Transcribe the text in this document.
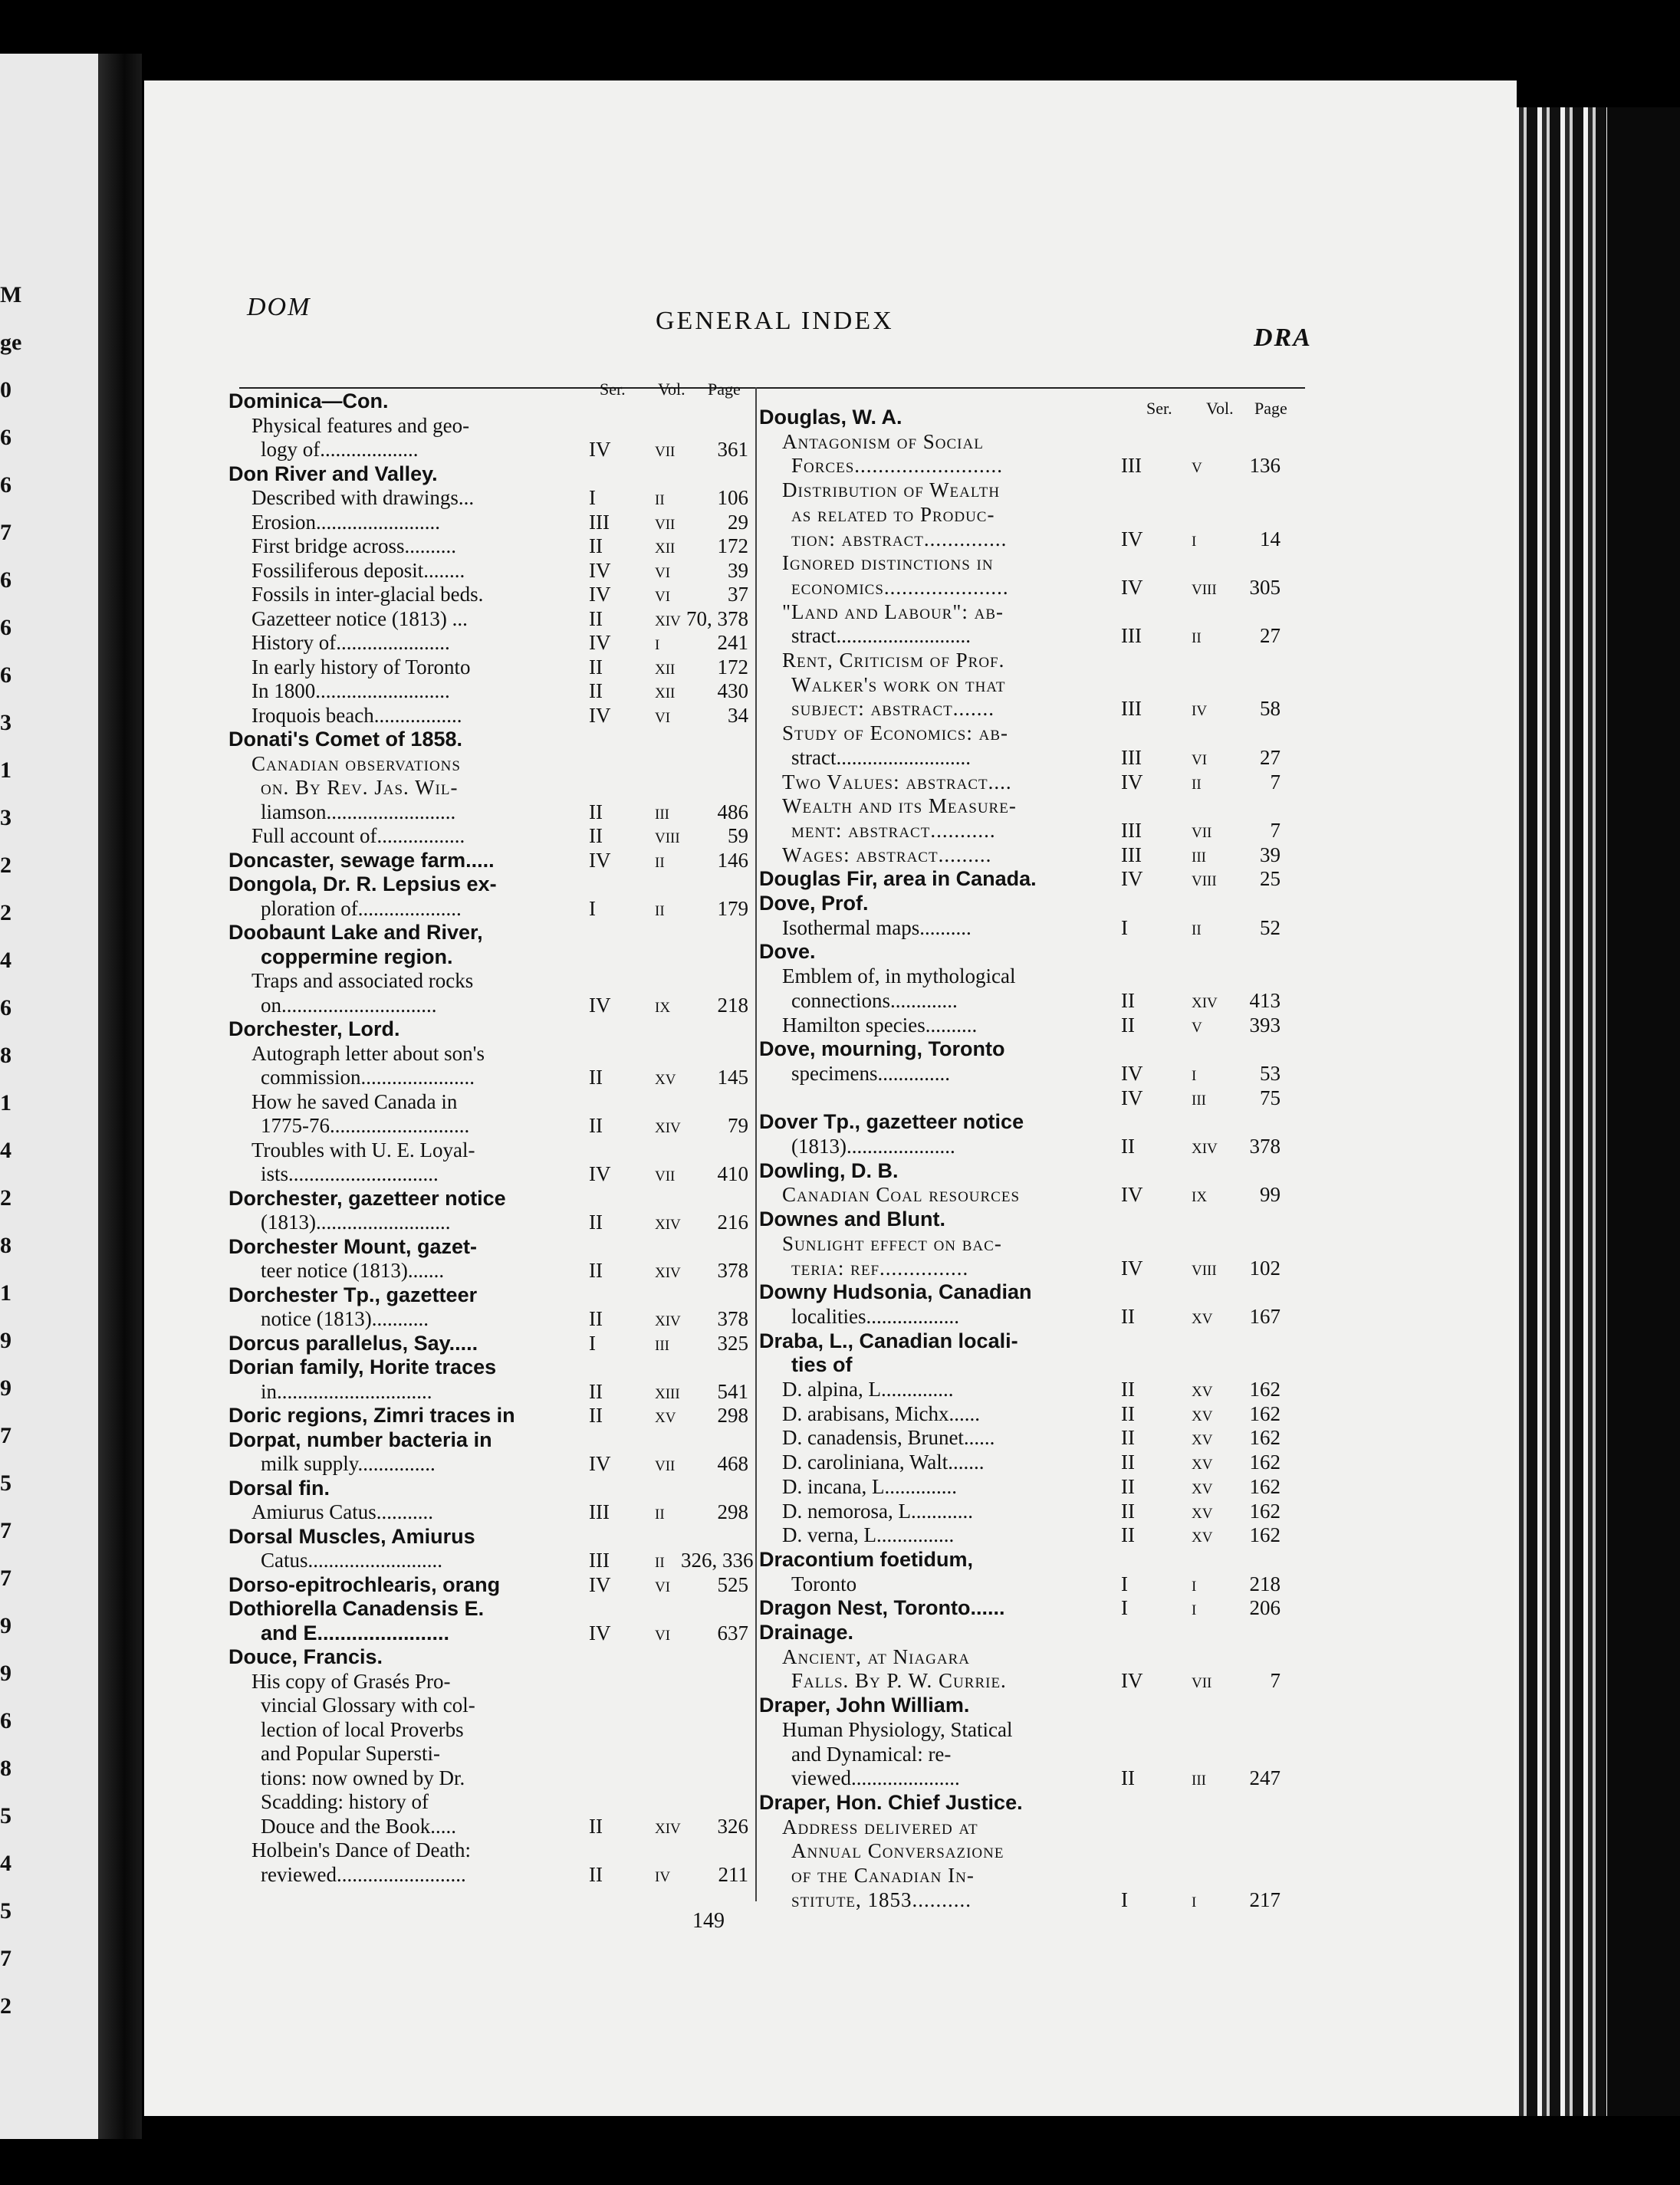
M
ge
0
6
6
7
6
6
6
3
1
3
2
2
4
6
8
1
4
2
8
1
9
9
7
5
7
7
9
9
6
8
5
4
5
7
2
DOM	GENERAL INDEX
DRA
Ser. Vol. Page
Ser. Vol. Page
Dominica—Con.
Physical features and geo-
logy of...................	IV vii	361
Don River and Valley.
Described with drawings...	I	ii	106
Erosion........................	III vii	29
First bridge across..........	II	xii	172
Fossiliferous deposit........	IV vi	39
Fossils in inter-glacial beds.	IV vi	37
Gazetteer notice (1813) ...	II	xiv 70, 378
History of......................	IV i	241
In early history of Toronto	II	xii	172
In 1800..........................	II	xii	430
Iroquois beach.................	IV vi	34
Donati's Comet of 1858.
Canadian observations
on. By Rev. Jas. Wil-
liamson.........................	II	iii	486
Full account of.................	II	viii	59
Doncaster, sewage farm.....	IV ii	146
Dongola, Dr. R. Lepsius ex-
ploration of....................	I	ii	179
Doobaunt Lake and River,
coppermine region.
Traps and associated rocks
on..............................	IV ix	218
Dorchester, Lord.
Autograph letter about son's
commission......................	II	xv	145
How he saved Canada in
1775-76...........................	II	xiv	79
Troubles with U. E. Loyal-
ists.............................	IV vii	410
Dorchester, gazetteer notice
(1813)..........................	II	xiv	216
Dorchester Mount, gazet-
teer notice (1813).......	II	xiv	378
Dorchester Tp., gazetteer
notice (1813)...........	II	xiv	378
Dorcus parallelus, Say.....	I	iii	325
Dorian family, Horite traces
in..............................	II	xiii	541
Doric regions, Zimri traces in	II	xv	298
Dorpat, number bacteria in
milk supply...............	IV vii	468
Dorsal fin.
Amiurus Catus...........	III ii	298
Dorsal Muscles, Amiurus
Catus..........................	III ii 326, 336
Dorso-epitrochlearis, orang	IV vi	525
Dothiorella Canadensis E.
and E.......................	IV vi	637
Douce, Francis.
His copy of Grasés Pro-
vincial Glossary with col-
lection of local Proverbs
and Popular Supersti-
tions: now owned by Dr.
Scadding: history of
Douce and the Book.....	II	xiv	326
Holbein's Dance of Death:
reviewed.........................	II	iv	211
Douglas, W. A.
Antagonism of Social
Forces.........................	III v	136
Distribution of Wealth
as related to Produc-
tion: abstract..............	IV i	14
Ignored distinctions in
economics.....................	IV viii	305
"Land and Labour": ab-
stract..........................	III ii	27
Rent, Criticism of Prof.
Walker's work on that
subject: abstract.......	III iv	58
Study of Economics: ab-
stract..........................	III vi	27
Two Values: abstract....	IV ii	7
Wealth and its Measure-
ment: abstract...........	III vii	7
Wages: abstract.........	III iii	39
Douglas Fir, area in Canada.	IV viii	25
Dove, Prof.
Isothermal maps..........	I	ii	52
Dove.
Emblem of, in mythological
connections.............	II	xiv	413
Hamilton species..........	II	v	393
Dove, mourning, Toronto
specimens..............	IV i	53
IV iii	75
Dover Tp., gazetteer notice
(1813).....................	II	xiv	378
Dowling, D. B.
Canadian Coal resources	IV ix	99
Downes and Blunt.
Sunlight effect on bac-
teria: ref...............	IV viii	102
Downy Hudsonia, Canadian
localities..................	II	xv	167
Draba, L., Canadian locali-
ties of
D. alpina, L..............	II	xv	162
D. arabisans, Michx......	II	xv	162
D. canadensis, Brunet......	II	xv	162
D. caroliniana, Walt.......	II	xv	162
D. incana, L..............	II	xv	162
D. nemorosa, L............	II	xv	162
D. verna, L...............	II	xv	162
Dracontium foetidum,
Toronto	I	i	218
Dragon Nest, Toronto......	I	i	206
Drainage.
Ancient, at Niagara
Falls. By P. W. Currie.	IV vii	7
Draper, John William.
Human Physiology, Statical
and Dynamical: re-
viewed.....................	II	iii	247
Draper, Hon. Chief Justice.
Address delivered at
Annual Conversazione
of the Canadian In-
stitute, 1853..........	I	i	217
149
